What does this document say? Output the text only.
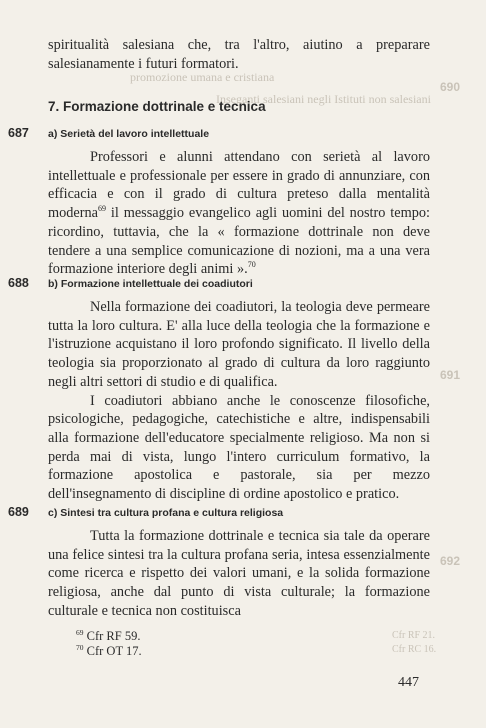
promozione umana e cristiana
690
Inseganti salesiani negli Istituti non salesiani
691
692
Cfr RF 21.
Cfr RC 16.

spiritualità salesiana che, tra l'altro, aiutino a preparare salesianamente i futuri formatori.

7. Formazione dottrinale e tecnica
687 a) Serietà del lavoro intellettuale

Professori e alunni attendano con serietà al lavoro intellettuale e professionale per essere in grado di annunziare, con efficacia e con il grado di cultura preteso dalla mentalità moderna$^{69}$ il messaggio evangelico agli uomini del nostro tempo: ricordino, tuttavia, che la « formazione dottrinale non deve tendere a una semplice comunicazione di nozioni, ma a una vera formazione interiore degli animi ».$^{70}$

688 b) Formazione intellettuale dei coadiutori

Nella formazione dei coadiutori, la teologia deve permeare tutta la loro cultura. E' alla luce della teologia che la formazione e l'istruzione acquistano il loro profondo significato. Il livello della teologia sia proporzionato al grado di cultura da loro raggiunto negli altri settori di studio e di qualifica.

I coadiutori abbiano anche le conoscenze filosofiche, psicologiche, pedagogiche, catechistiche e altre, indispensabili alla formazione dell'educatore specialmente religioso. Ma non si perda mai di vista, lungo l'intero curriculum formativo, la formazione apostolica e pastorale, sia per mezzo dell'insegnamento di discipline di ordine apostolico e pratico.

689 c) Sintesi tra cultura profana e cultura religiosa

Tutta la formazione dottrinale e tecnica sia tale da operare una felice sintesi tra la cultura profana seria, intesa essenzialmente come ricerca e rispetto dei valori umani, e la solida formazione religiosa, anche dal punto di vista culturale; la formazione culturale e tecnica non costituisca

$^{69}$ Cfr RF 59.
$^{70}$ Cfr OT 17.
447
